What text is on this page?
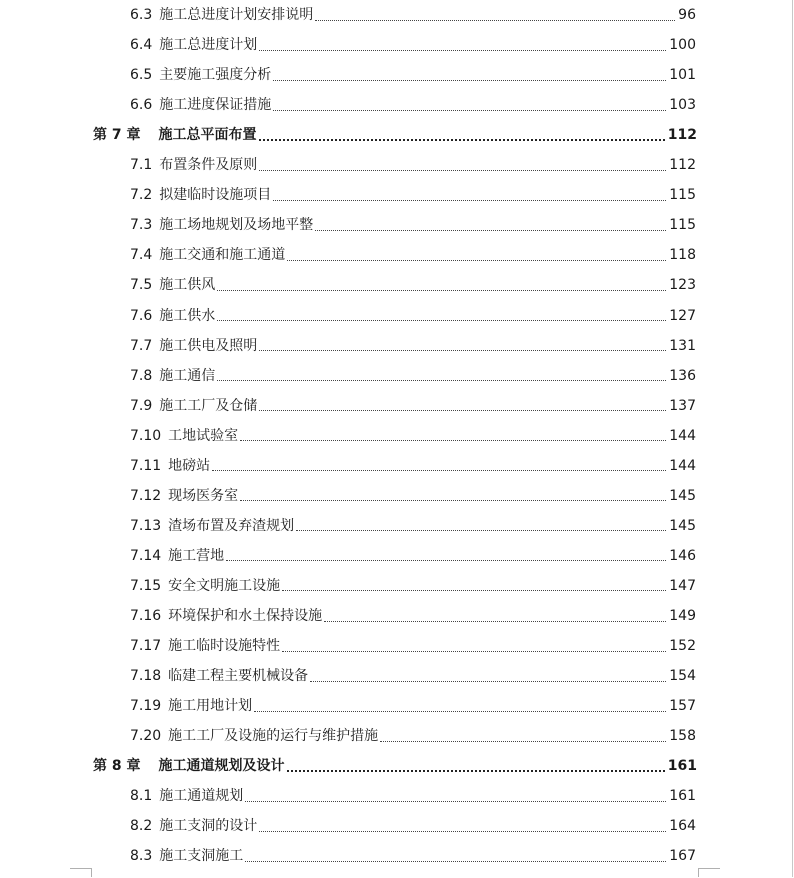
6.3 施工总进度计划安排说明	96
6.4 施工总进度计划	100
6.5 主要施工强度分析	101
6.6 施工进度保证措施	103
第 7 章 施工总平面布置	112
7.1 布置条件及原则	112
7.2 拟建临时设施项目	115
7.3 施工场地规划及场地平整	115
7.4 施工交通和施工通道	118
7.5 施工供风	123
7.6 施工供水	127
7.7 施工供电及照明	131
7.8 施工通信	136
7.9 施工工厂及仓储	137
7.10 工地试验室	144
7.11 地磅站	144
7.12 现场医务室	145
7.13 渣场布置及弃渣规划	145
7.14 施工营地	146
7.15 安全文明施工设施	147
7.16 环境保护和水土保持设施	149
7.17 施工临时设施特性	152
7.18 临建工程主要机械设备	154
7.19 施工用地计划	157
7.20 施工工厂及设施的运行与维护措施	158
第 8 章 施工通道规划及设计	161
8.1 施工通道规划	161
8.2 施工支洞的设计	164
8.3 施工支洞施工	167
